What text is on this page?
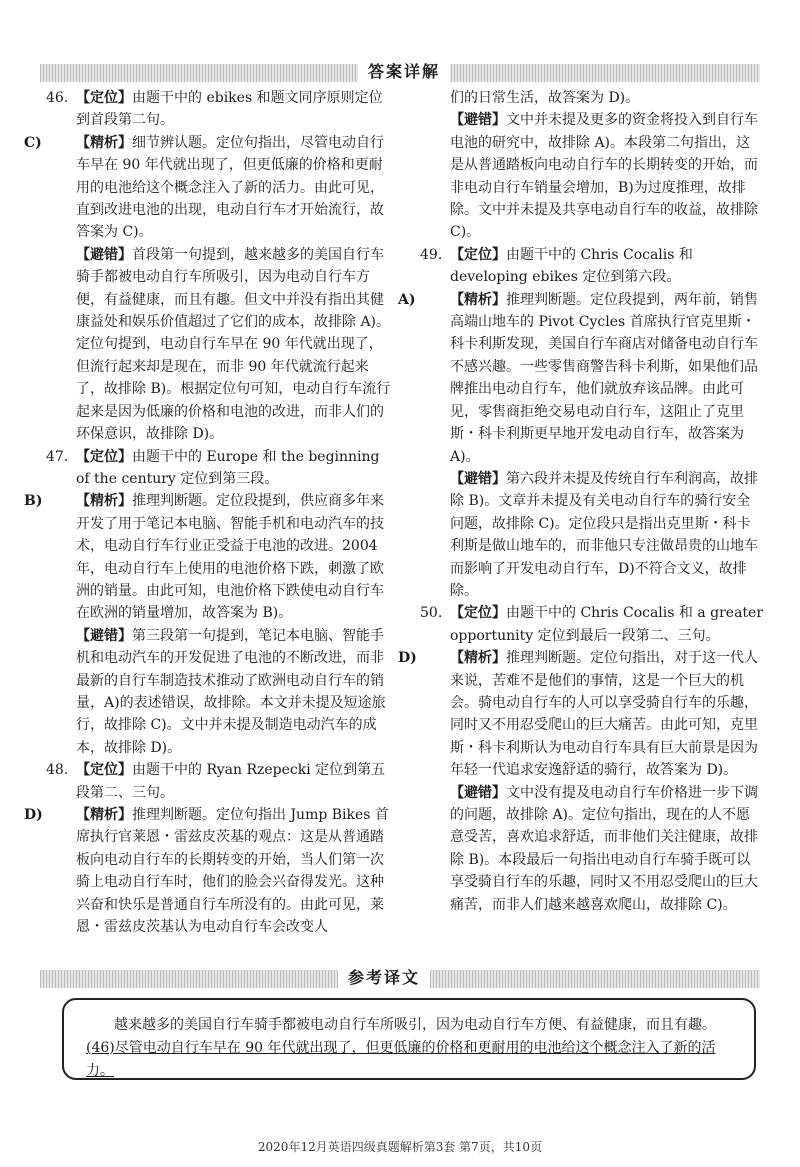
答案详解

46. 【定位】由题干中的 ebikes 和题文同序原则定位到首段第二句。

C) 【精析】细节辨认题。定位句指出，尽管电动自行车早在 90 年代就出现了，但更低廉的价格和更耐用的电池给这个概念注入了新的活力。由此可见，直到改进电池的出现，电动自行车才开始流行，故答案为 C)。

【避错】首段第一句提到，越来越多的美国自行车骑手都被电动自行车所吸引，因为电动自行车方便，有益健康，而且有趣。但文中并没有指出其健康益处和娱乐价值超过了它们的成本，故排除 A)。定位句提到，电动自行车早在 90 年代就出现了，但流行起来却是现在，而非 90 年代就流行起来了，故排除 B)。根据定位句可知，电动自行车流行起来是因为低廉的价格和电池的改进，而非人们的环保意识，故排除 D)。

47. 【定位】由题干中的 Europe 和 the beginning of the century 定位到第三段。

B) 【精析】推理判断题。定位段提到，供应商多年来开发了用于笔记本电脑、智能手机和电动汽车的技术，电动自行车行业正受益于电池的改进。2004 年，电动自行车上使用的电池价格下跌，刺激了欧洲的销量。由此可知，电池价格下跌使电动自行车在欧洲的销量增加，故答案为 B)。

【避错】第三段第一句提到，笔记本电脑、智能手机和电动汽车的开发促进了电池的不断改进，而非最新的自行车制造技术推动了欧洲电动自行车的销量，A)的表述错误，故排除。本文并未提及短途旅行，故排除 C)。文中并未提及制造电动汽车的成本，故排除 D)。

48. 【定位】由题干中的 Ryan Rzepecki 定位到第五段第二、三句。

D) 【精析】推理判断题。定位句指出 Jump Bikes 首席执行官莱恩・雷兹皮茨基的观点：这是从普通踏板向电动自行车的长期转变的开始，当人们第一次骑上电动自行车时，他们的脸会兴奋得发光。这种兴奋和快乐是普通自行车所没有的。由此可见，莱恩・雷兹皮茨基认为电动自行车会改变人

们的日常生活，故答案为 D)。

【避错】文中并未提及更多的资金将投入到自行车电池的研究中，故排除 A)。本段第二句指出，这是从普通踏板向电动自行车的长期转变的开始，而非电动自行车销量会增加，B)为过度推理，故排除。文中并未提及共享电动自行车的收益，故排除 C)。

49. 【定位】由题干中的 Chris Cocalis 和 developing ebikes 定位到第六段。

A) 【精析】推理判断题。定位段提到，两年前，销售高端山地车的 Pivot Cycles 首席执行官克里斯・科卡利斯发现，美国自行车商店对储备电动自行车不感兴趣。一些零售商警告科卡利斯，如果他们品牌推出电动自行车，他们就放弃该品牌。由此可见，零售商拒绝交易电动自行车，这阻止了克里斯・科卡利斯更早地开发电动自行车，故答案为 A)。

【避错】第六段并未提及传统自行车利润高，故排除 B)。文章并未提及有关电动自行车的骑行安全问题，故排除 C)。定位段只是指出克里斯・科卡利斯是做山地车的，而非他只专注做昂贵的山地车而影响了开发电动自行车，D)不符合文义，故排除。

50. 【定位】由题干中的 Chris Cocalis 和 a greater opportunity 定位到最后一段第二、三句。

D) 【精析】推理判断题。定位句指出，对于这一代人来说，苦难不是他们的事情，这是一个巨大的机会。骑电动自行车的人可以享受骑自行车的乐趣，同时又不用忍受爬山的巨大痛苦。由此可知，克里斯・科卡利斯认为电动自行车具有巨大前景是因为年轻一代追求安逸舒适的骑行，故答案为 D)。

【避错】文中没有提及电动自行车价格进一步下调的问题，故排除 A)。定位句指出，现在的人不愿意受苦，喜欢追求舒适，而非他们关注健康，故排除 B)。本段最后一句指出电动自行车骑手既可以享受骑自行车的乐趣，同时又不用忍受爬山的巨大痛苦，而非人们越来越喜欢爬山，故排除 C)。

参考译文

越来越多的美国自行车骑手都被电动自行车所吸引，因为电动自行车方便、有益健康，而且有趣。(46)尽管电动自行车早在 90 年代就出现了，但更低廉的价格和更耐用的电池给这个概念注入了新的活力。

2020年12月英语四级真题解析第3套 第7页，共10页
